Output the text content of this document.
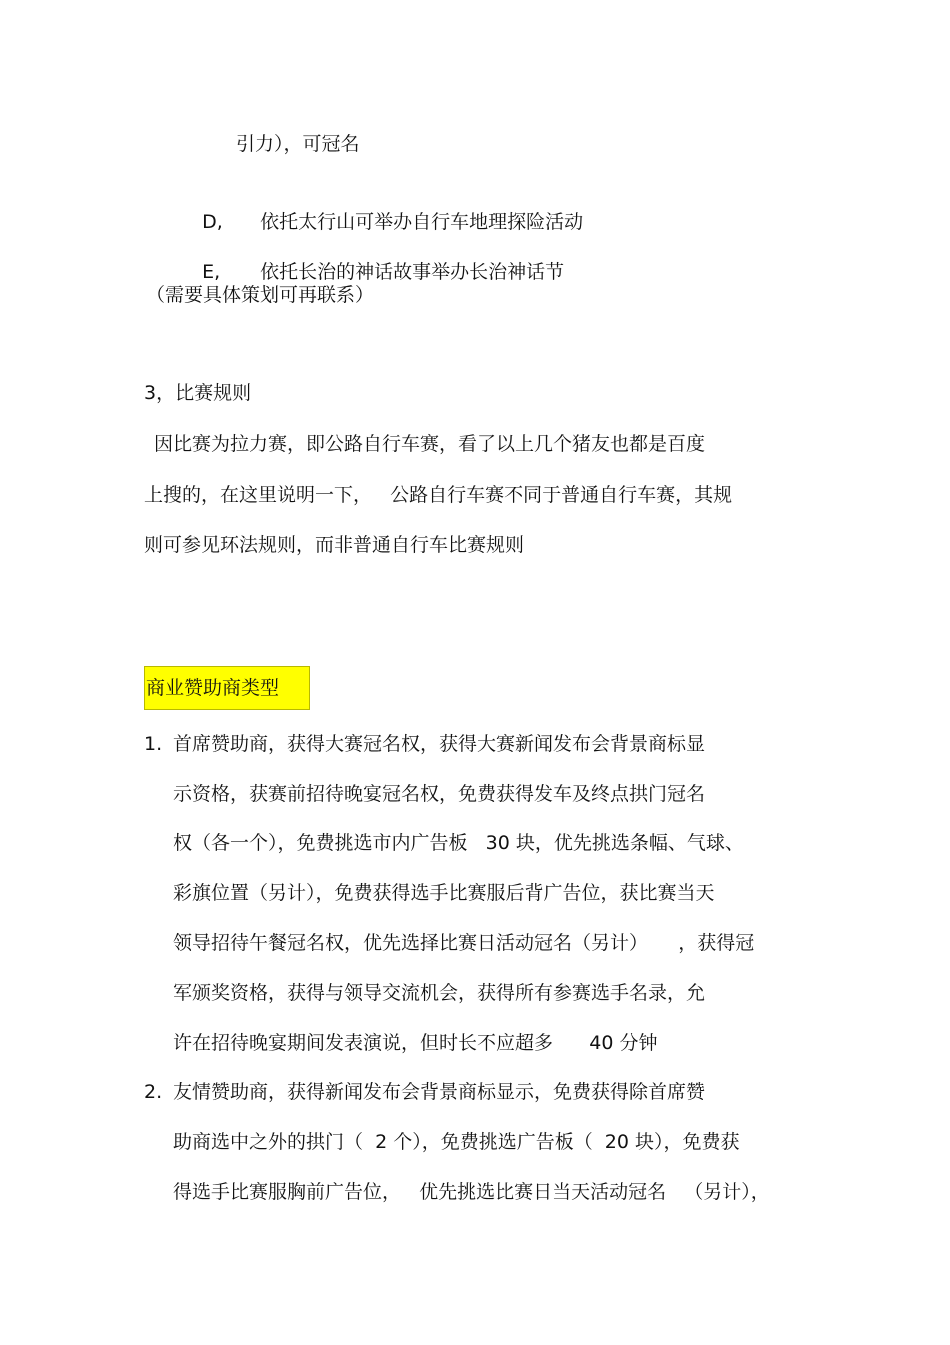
引力），可冠名

D, 依托太行山可举办自行车地理探险活动

E, 依托长治的神话故事举办长治神话节

（需要具体策划可再联系）
3，比赛规则
因比赛为拉力赛，即公路自行车赛，看了以上几个猪友也都是百度
上搜的，在这里说明一下，   公路自行车赛不同于普通自行车赛，其规
则可参见环法规则，而非普通自行车比赛规则
商业赞助商类型
1. 首席赞助商，获得大赛冠名权，获得大赛新闻发布会背景商标显
示资格，获赛前招待晚宴冠名权，免费获得发车及终点拱门冠名
权（各一个），免费挑选市内广告板   30 块，优先挑选条幅、气球、
彩旗位置（另计），免费获得选手比赛服后背广告位，获比赛当天
领导招待午餐冠名权，优先选择比赛日活动冠名（另计）     ，获得冠
军颁奖资格，获得与领导交流机会，获得所有参赛选手名录，允
许在招待晚宴期间发表演说，但时长不应超多      40 分钟
2. 友情赞助商，获得新闻发布会背景商标显示，免费获得除首席赞
助商选中之外的拱门（  2 个），免费挑选广告板（  20 块），免费获
得选手比赛服胸前广告位，   优先挑选比赛日当天活动冠名   （另计），
